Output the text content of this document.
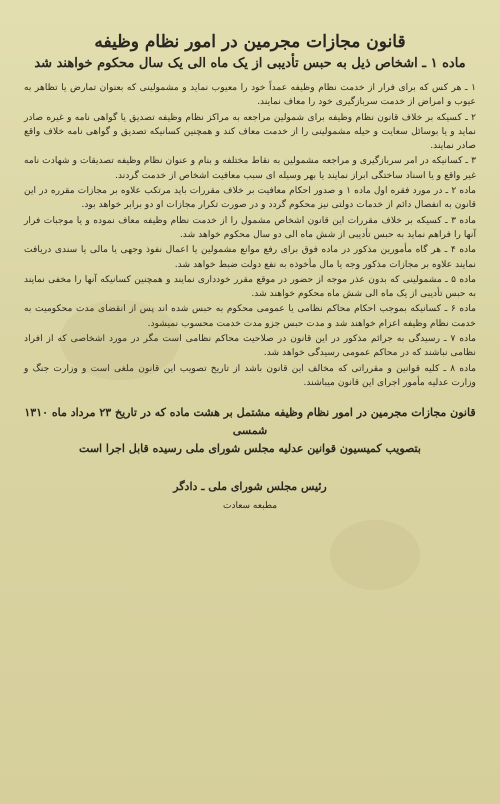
قانون مجازات مجرمین در امور نظام وظیفه
ماده ۱ ـ اشخاص ذیل به حبس تأدیبی از یک ماه الی یک سال محکوم خواهند شد

۱ ـ هر کس که برای فرار از خدمت نظام وظیفه عمداً خود را معیوب نماید و مشمولینی که بعنوان تمارض یا تظاهر به عیوب و امراض از خدمت سربازگیری خود را معاف نمایند.

۲ ـ کسیکه بر خلاف قانون نظام وظیفه برای شمولین مراجعه به مراکز نظام وظیفه تصدیق یا گواهی نامه و غیره صادر نماید و یا بوسائل سعایت و حیله مشمولینی را از خدمت معاف کند و همچنین کسانیکه تصدیق و گواهی نامه خلاف واقع صادر نمایند.

۳ ـ کسانیکه در امر سربازگیری و مراجعه مشمولین به نقاط مختلفه و بنام و عنوان نظام وظیفه تصدیقات و شهادت نامه غیر واقع و یا اسناد ساختگی ابراز نمایند یا بهر وسیله ای سبب معافیت اشخاص از خدمت گردند.

ماده ۲ ـ در مورد فقره اول ماده ۱ و صدور احکام معافیت بر خلاف مقررات باید مرتکب علاوه بر مجازات مقرره در این قانون به انفصال دائم از خدمات دولتی نیز محکوم گردد و در صورت تکرار مجازات او دو برابر خواهد بود.

ماده ۳ ـ کسیکه بر خلاف مقررات این قانون اشخاص مشمول را از خدمت نظام وظیفه معاف نموده و یا موجبات فرار آنها را فراهم نماید به حبس تأدیبی از شش ماه الی دو سال محکوم خواهد شد.

ماده ۴ ـ هر گاه مأمورین مذکور در ماده فوق برای رفع موانع مشمولین یا اعمال نفوذ وجهی یا مالی یا سندی دریافت نمایند علاوه بر مجازات مذکور وجه یا مال مأخوذه به نفع دولت ضبط خواهد شد.

ماده ۵ ـ مشمولینی که بدون عذر موجه از حضور در موقع مقرر خودداری نمایند و همچنین کسانیکه آنها را مخفی نمایند به حبس تأدیبی از یک ماه الی شش ماه محکوم خواهند شد.

ماده ۶ ـ کسانیکه بموجب احکام محاکم نظامی یا عمومی محکوم به حبس شده اند پس از انقضای مدت محکومیت به خدمت نظام وظیفه اعزام خواهند شد و مدت حبس جزو مدت خدمت محسوب نمیشود.

ماده ۷ ـ رسیدگی به جرائم مذکور در این قانون در صلاحیت محاکم نظامی است مگر در مورد اشخاصی که از افراد نظامی نباشند که در محاکم عمومی رسیدگی خواهد شد.

ماده ۸ ـ کلیه قوانین و مقرراتی که مخالف این قانون باشد از تاریخ تصویب این قانون ملغی است و وزارت جنگ و وزارت عدلیه مأمور اجرای این قانون میباشند.

قانون مجازات مجرمین در امور نظام وظیفه مشتمل بر هشت ماده که در تاریخ ۲۳ مرداد ماه ۱۳۱۰ شمسی
بتصویب کمیسیون قوانین عدلیه مجلس شورای ملی رسیده قابل اجرا است
رئیس مجلس شورای ملی ـ دادگر
مطبعه سعادت
